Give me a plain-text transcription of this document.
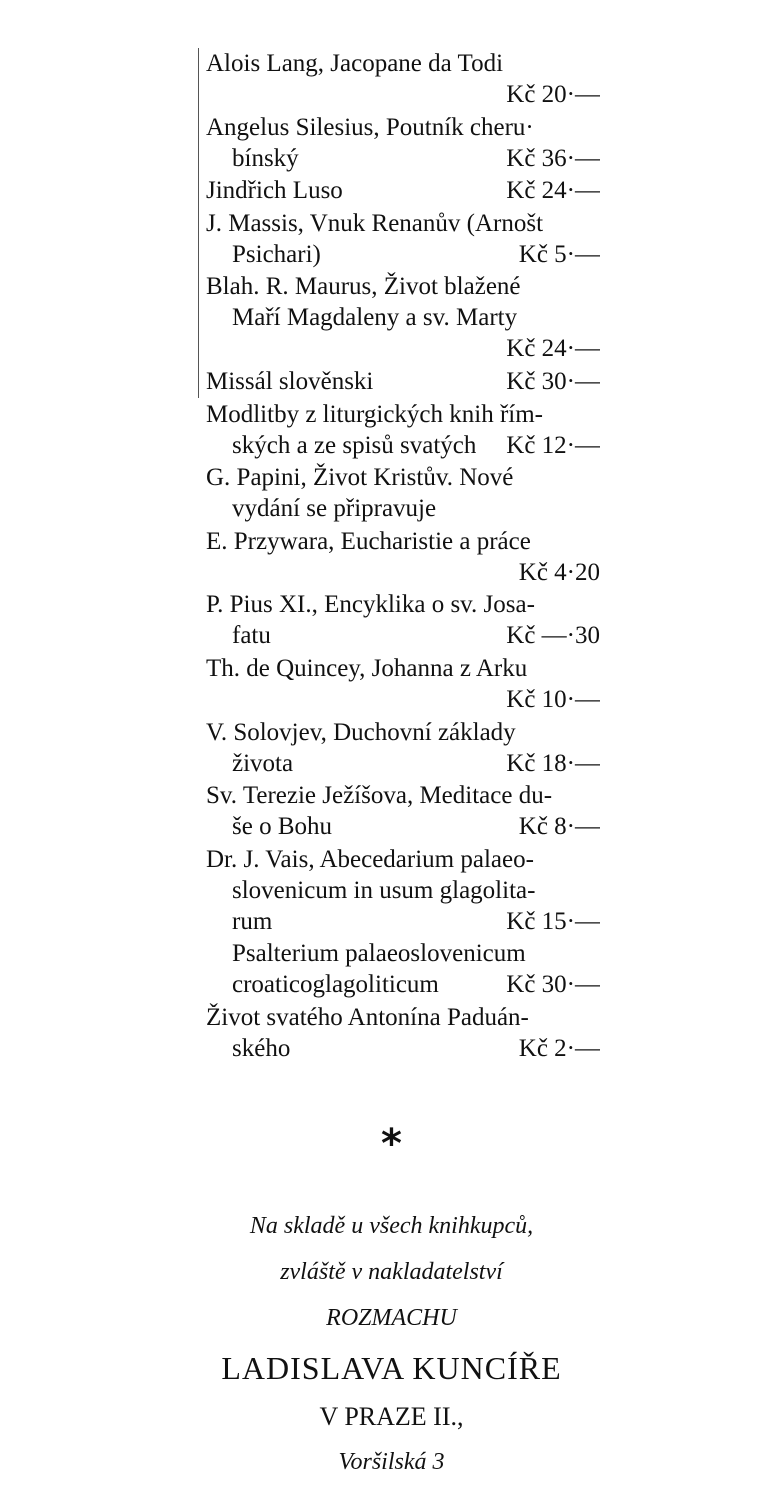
Alois Lang, Jacopane da Todi
Kč 20·—
Angelus Silesius, Poutník cheru·
bínský	Kč 36·—
Jindřich Luso	Kč 24·—
J. Massis, Vnuk Renanův (Arnošt
Psichari)	Kč 5·—
Blah. R. Maurus, Život blažené
Maří Magdaleny a sv. Marty
Kč 24·—
Missál slověnski	Kč 30·—
Modlitby z liturgických knih řím-
ských a ze spisů svatých	Kč 12·—
G. Papini, Život Kristův. Nové
vydání se připravuje
E. Przywara, Eucharistie a práce
Kč 4·20
P. Pius XI., Encyklika o sv. Josa-
fatu	Kč —·30
Th. de Quincey, Johanna z Arku
Kč 10·—
V. Solovjev, Duchovní základy
života	Kč 18·—
Sv. Terezie Ježíšova, Meditace du-
še o Bohu	Kč 8·—
Dr. J. Vais, Abecedarium palaeo-
slovenicum in usum glagolita-
rum	Kč 15·—
Psalterium palaeoslovenicum
croaticoglagoliticum	Kč 30·—
Život svatého Antonína Paduán-
ského	Kč 2·—
*
Na skladě u všech knihkupců,
zvláště v nakladatelství
ROZMACHU
LADISLAVA KUNCÍŘE
V PRAZE II.,
Voršilská 3
